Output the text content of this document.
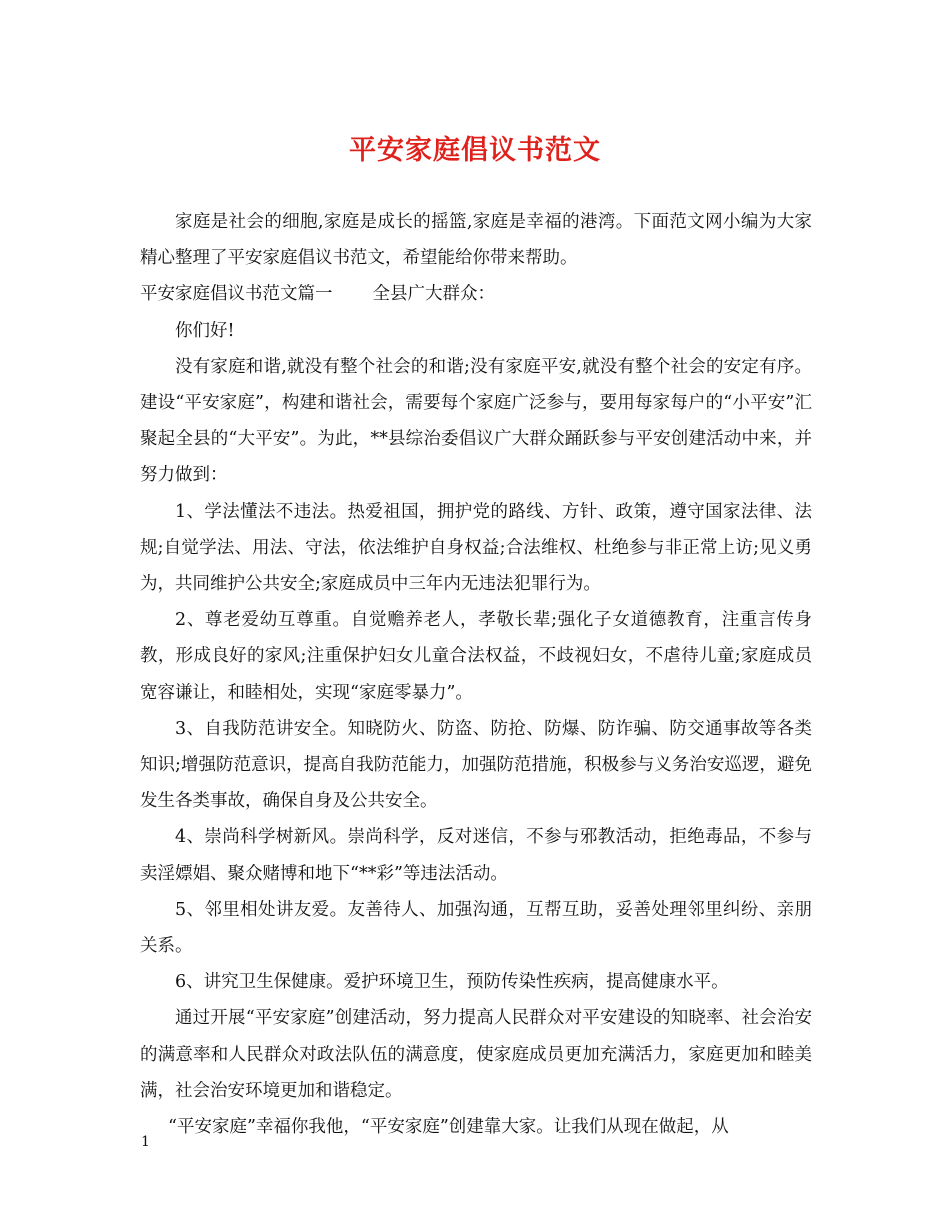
平安家庭倡议书范文

家庭是社会的细胞,家庭是成长的摇篮,家庭是幸福的港湾。下面范文网小编为大家精心整理了平安家庭倡议书范文，希望能给你带来帮助。

平安家庭倡议书范文篇一 全县广大群众：

你们好!

没有家庭和谐,就没有整个社会的和谐;没有家庭平安,就没有整个社会的安定有序。建设“平安家庭”，构建和谐社会，需要每个家庭广泛参与，要用每家每户的“小平安”汇聚起全县的“大平安”。为此，**县综治委倡议广大群众踊跃参与平安创建活动中来，并努力做到：

1、学法懂法不违法。热爱祖国，拥护党的路线、方针、政策，遵守国家法律、法规;自觉学法、用法、守法，依法维护自身权益;合法维权、杜绝参与非正常上访;见义勇为，共同维护公共安全;家庭成员中三年内无违法犯罪行为。

2、尊老爱幼互尊重。自觉赡养老人，孝敬长辈;强化子女道德教育，注重言传身教，形成良好的家风;注重保护妇女儿童合法权益，不歧视妇女，不虐待儿童;家庭成员宽容谦让，和睦相处，实现“家庭零暴力”。

3、自我防范讲安全。知晓防火、防盗、防抢、防爆、防诈骗、防交通事故等各类知识;增强防范意识，提高自我防范能力，加强防范措施，积极参与义务治安巡逻，避免发生各类事故，确保自身及公共安全。

4、崇尚科学树新风。崇尚科学，反对迷信，不参与邪教活动，拒绝毒品，不参与卖淫嫖娼、聚众赌博和地下“**彩”等违法活动。

5、邻里相处讲友爱。友善待人、加强沟通，互帮互助，妥善处理邻里纠纷、亲朋关系。

6、讲究卫生保健康。爱护环境卫生，预防传染性疾病，提高健康水平。

通过开展“平安家庭”创建活动，努力提高人民群众对平安建设的知晓率、社会治安的满意率和人民群众对政法队伍的满意度，使家庭成员更加充满活力，家庭更加和睦美满，社会治安环境更加和谐稳定。

“平安家庭”幸福你我他，“平安家庭”创建靠大家。让我们从现在做起，从

1
